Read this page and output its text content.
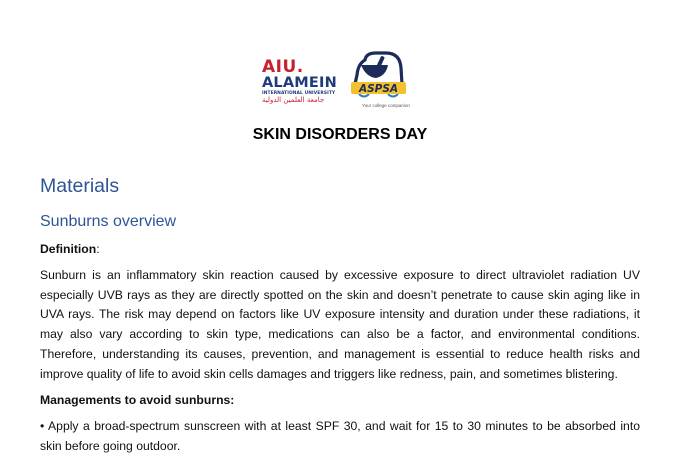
AIU.
ALAMEIN
INTERNATIONAL UNIVERSITY
جامعة العلمين الدولية
ASPSA
Your college companion
SKIN DISORDERS DAY
Materials
Sunburns overview
Definition:
Sunburn is an inflammatory skin reaction caused by excessive exposure to direct ultraviolet radiation UV especially UVB rays as they are directly spotted on the skin and doesn’t penetrate to cause skin aging like in UVA rays. The risk may depend on factors like UV exposure intensity and duration under these radiations, it may also vary according to skin type, medications can also be a factor, and environmental conditions. Therefore, understanding its causes, prevention, and management is essential to reduce health risks and improve quality of life to avoid skin cells damages and triggers like redness, pain, and sometimes blistering.
Managements to avoid sunburns:
• Apply a broad-spectrum sunscreen with at least SPF 30, and wait for 15 to 30 minutes to be absorbed into skin before going outdoor.
